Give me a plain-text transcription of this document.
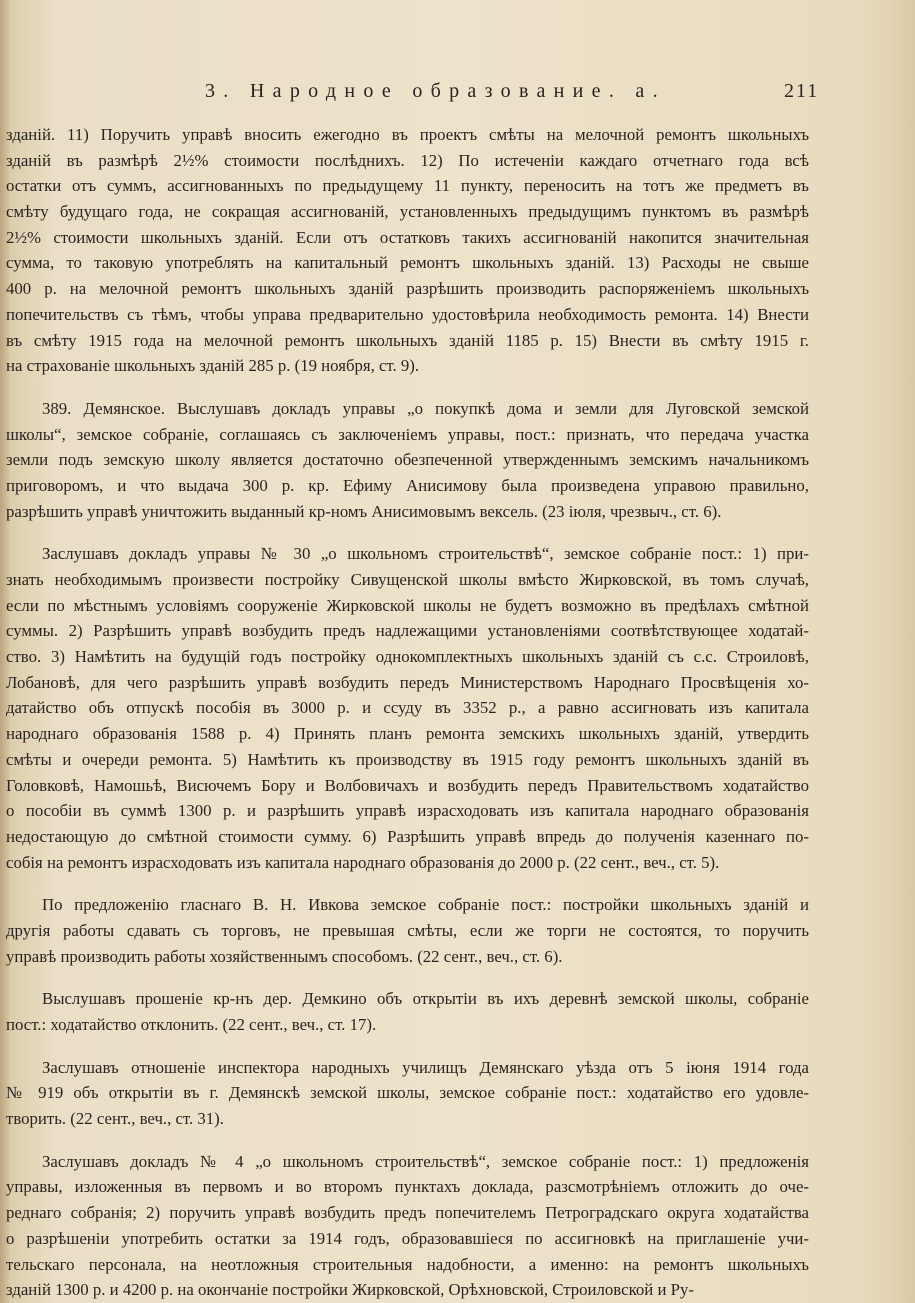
3. Народное образование. а.	211
зданій. 11) Поручить управѣ вносить ежегодно въ проектъ смѣты на мелочной ремонтъ школьныхъ
зданій въ размѣрѣ 2½% стоимости послѣднихъ. 12) По истеченіи каждаго отчетнаго года всѣ
остатки отъ суммъ, ассигнованныхъ по предыдущему 11 пункту, переносить на тотъ же предметъ въ
смѣту будущаго года, не сокращая ассигнованій, установленныхъ предыдущимъ пунктомъ въ размѣрѣ
2½% стоимости школьныхъ зданій. Если отъ остатковъ такихъ ассигнованій накопится значительная
сумма, то таковую употреблять на капитальный ремонтъ школьныхъ зданій. 13) Расходы не свыше
400 р. на мелочной ремонтъ школьныхъ зданій разрѣшить производить распоряженіемъ школьныхъ
попечительствъ съ тѣмъ, чтобы управа предварительно удостовѣрила необходимость ремонта. 14) Внести
въ смѣту 1915 года на мелочной ремонтъ школьныхъ зданій 1185 р. 15) Внести въ смѣту 1915 г.
на страхованіе школьныхъ зданій 285 р. (19 ноября, ст. 9).
389. Демянское. Выслушавъ докладъ управы „о покупкѣ дома и земли для Луговской земской
школы“, земское собраніе, соглашаясь съ заключеніемъ управы, пост.: признать, что передача участка
земли подъ земскую школу является достаточно обезпеченной утвержденнымъ земскимъ начальникомъ
приговоромъ, и что выдача 300 р. кр. Ефиму Анисимову была произведена управою правильно,
разрѣшить управѣ уничтожить выданный кр-номъ Анисимовымъ вексель. (23 іюля, чрезвыч., ст. 6).
Заслушавъ докладъ управы № 30 „о школьномъ строительствѣ“, земское собраніе пост.: 1) при-
знать необходимымъ произвести постройку Сивущенской школы вмѣсто Жирковской, въ томъ случаѣ,
если по мѣстнымъ условіямъ сооруженіе Жирковской школы не будетъ возможно въ предѣлахъ смѣтной
суммы. 2) Разрѣшить управѣ возбудить предъ надлежащими установленіями соотвѣтствующее ходатай-
ство. 3) Намѣтить на будущій годъ постройку однокомплектныхъ школьныхъ зданій съ с.с. Строиловѣ,
Лобановѣ, для чего разрѣшить управѣ возбудить передъ Министерствомъ Народнаго Просвѣщенія хо-
датайство объ отпускѣ пособія въ 3000 р. и ссуду въ 3352 р., а равно ассигновать изъ капитала
народнаго образованія 1588 р. 4) Принять планъ ремонта земскихъ школьныхъ зданій, утвердить
смѣты и очереди ремонта. 5) Намѣтить къ производству въ 1915 году ремонтъ школьныхъ зданій въ
Головковѣ, Намошьѣ, Висючемъ Бору и Волбовичахъ и возбудить передъ Правительствомъ ходатайство
о пособіи въ суммѣ 1300 р. и разрѣшить управѣ израсходовать изъ капитала народнаго образованія
недостающую до смѣтной стоимости сумму. 6) Разрѣшить управѣ впредь до полученія казеннаго по-
собія на ремонтъ израсходовать изъ капитала народнаго образованія до 2000 р. (22 сент., веч., ст. 5).
По предложенію гласнаго В. Н. Ивкова земское собраніе пост.: постройки школьныхъ зданій и
другія работы сдавать съ торговъ, не превышая смѣты, если же торги не состоятся, то поручить
управѣ производить работы хозяйственнымъ способомъ. (22 сент., веч., ст. 6).
Выслушавъ прошеніе кр-нъ дер. Демкино объ открытіи въ ихъ деревнѣ земской школы, собраніе
пост.: ходатайство отклонить. (22 сент., веч., ст. 17).
Заслушавъ отношеніе инспектора народныхъ училищъ Демянскаго уѣзда отъ 5 іюня 1914 года
№ 919 объ открытіи въ г. Демянскѣ земской школы, земское собраніе пост.: ходатайство его удовле-
творить. (22 сент., веч., ст. 31).
Заслушавъ докладъ № 4 „о школьномъ строительствѣ“, земское собраніе пост.: 1) предложенія
управы, изложенныя въ первомъ и во второмъ пунктахъ доклада, разсмотрѣніемъ отложить до оче-
реднаго собранія; 2) поручить управѣ возбудить предъ попечителемъ Петроградскаго округа ходатайства
о разрѣшеніи употребить остатки за 1914 годъ, образовавшіеся по ассигновкѣ на приглашеніе учи-
тельскаго персонала, на неотложныя строительныя надобности, а именно: на ремонтъ школьныхъ
зданій 1300 р. и 4200 р. на окончаніе постройки Жирковской, Орѣхновской, Строиловской и Ру-
